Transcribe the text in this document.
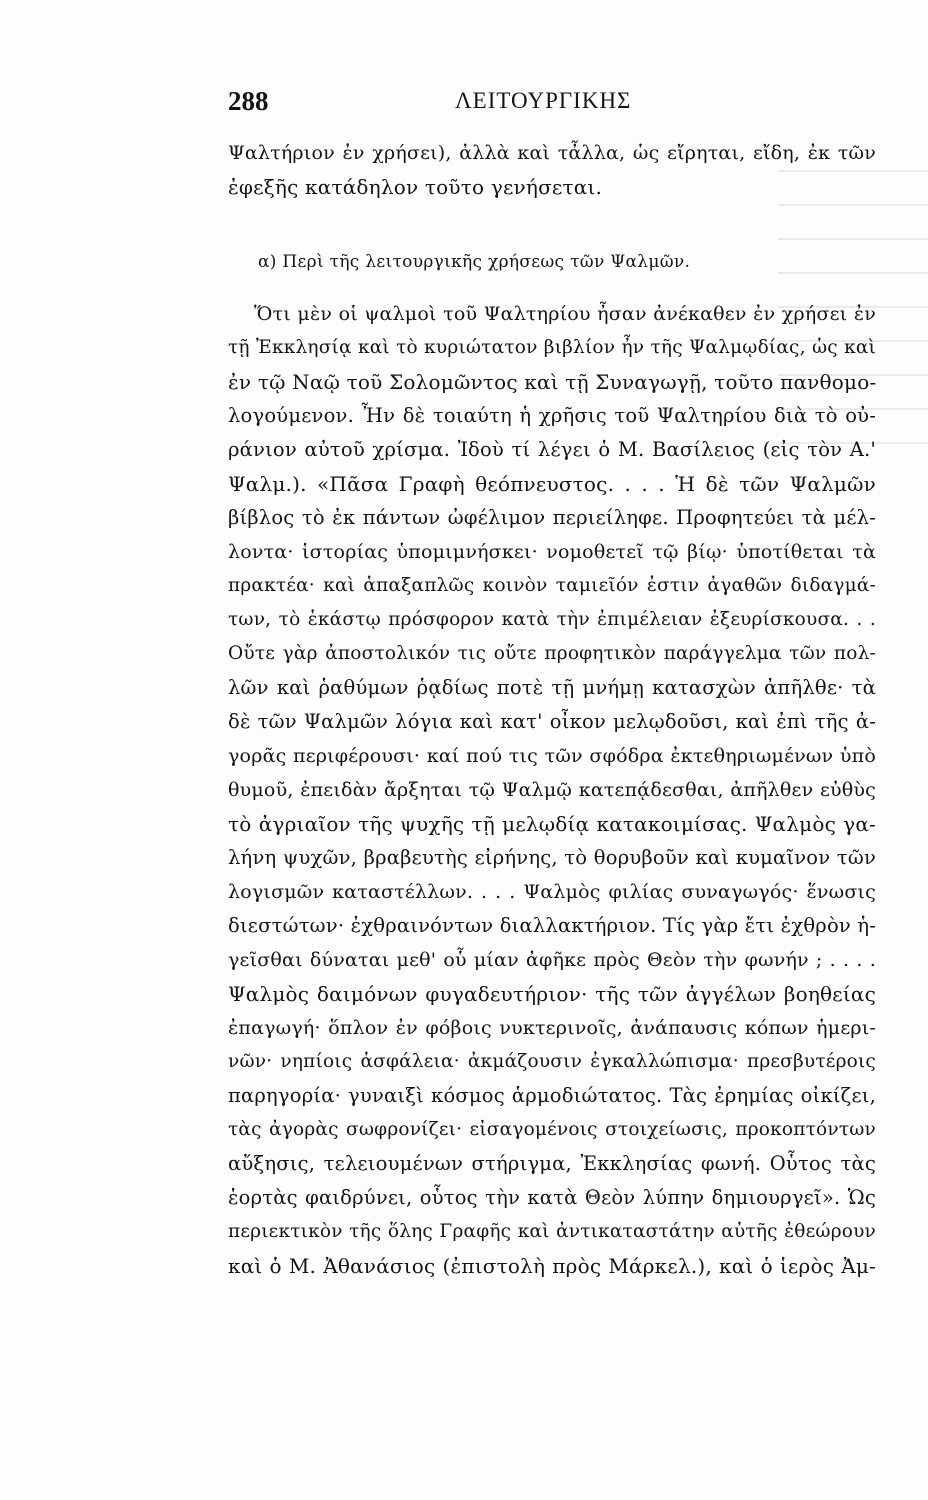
288	ΛΕΙΤΟΥΡΓΙΚΗΣ
Ψαλτήριον ἐν χρήσει), ἀλλὰ καὶ τἆλλα, ὡς εἴρηται, εἴδη, ἐκ τῶν
ἐφεξῆς κατάδηλον τοῦτο γενήσεται.
α) Περὶ τῆς λειτουργικῆς χρήσεως τῶν Ψαλμῶν.
Ὅτι μὲν οἱ ψαλμοὶ τοῦ Ψαλτηρίου ἦσαν ἀνέκαθεν ἐν χρήσει ἐν
τῇ Ἐκκλησίᾳ καὶ τὸ κυριώτατον βιβλίον ἦν τῆς Ψαλμῳδίας, ὡς καὶ
ἐν τῷ Ναῷ τοῦ Σολομῶντος καὶ τῇ Συναγωγῇ, τοῦτο πανθομο-
λογούμενον. Ἦν δὲ τοιαύτη ἡ χρῆσις τοῦ Ψαλτηρίου διὰ τὸ οὐ-
ράνιον αὐτοῦ χρίσμα. Ἰδοὺ τί λέγει ὁ Μ. Βασίλειος (εἰς τὸν Α.'
Ψαλμ.). «Πᾶσα Γραφὴ θεόπνευστος. . . . Ἡ δὲ τῶν Ψαλμῶν
βίβλος τὸ ἐκ πάντων ὠφέλιμον περιείληφε. Προφητεύει τὰ μέλ-
λοντα· ἱστορίας ὑπομιμνήσκει· νομοθετεῖ τῷ βίῳ· ὑποτίθεται τὰ
πρακτέα· καὶ ἁπαξαπλῶς κοινὸν ταμιεῖόν ἐστιν ἀγαθῶν διδαγμά-
των, τὸ ἑκάστῳ πρόσφορον κατὰ τὴν ἐπιμέλειαν ἐξευρίσκουσα. . .
Οὔτε γὰρ ἀποστολικόν τις οὔτε προφητικὸν παράγγελμα τῶν πολ-
λῶν καὶ ῥαθύμων ῥᾳδίως ποτὲ τῇ μνήμῃ κατασχὼν ἀπῆλθε· τὰ
δὲ τῶν Ψαλμῶν λόγια καὶ κατ' οἶκον μελῳδοῦσι, καὶ ἐπὶ τῆς ἀ-
γορᾶς περιφέρουσι· καί πού τις τῶν σφόδρα ἐκτεθηριωμένων ὑπὸ
θυμοῦ, ἐπειδὰν ἄρξηται τῷ Ψαλμῷ κατεπᾴδεσθαι, ἀπῆλθεν εὐθὺς
τὸ ἀγριαῖον τῆς ψυχῆς τῇ μελῳδίᾳ κατακοιμίσας. Ψαλμὸς γα-
λήνη ψυχῶν, βραβευτὴς εἰρήνης, τὸ θορυβοῦν καὶ κυμαῖνον τῶν
λογισμῶν καταστέλλων. . . . Ψαλμὸς φιλίας συναγωγός· ἕνωσις
διεστώτων· ἐχθραινόντων διαλλακτήριον. Τίς γὰρ ἔτι ἐχθρὸν ἡ-
γεῖσθαι δύναται μεθ' οὗ μίαν ἀφῆκε πρὸς Θεὸν τὴν φωνήν ; . . . .
Ψαλμὸς δαιμόνων φυγαδευτήριον· τῆς τῶν ἀγγέλων βοηθείας
ἐπαγωγή· ὅπλον ἐν φόβοις νυκτερινοῖς, ἀνάπαυσις κόπων ἡμερι-
νῶν· νηπίοις ἀσφάλεια· ἀκμάζουσιν ἐγκαλλώπισμα· πρεσβυτέροις
παρηγορία· γυναιξὶ κόσμος ἁρμοδιώτατος. Τὰς ἐρημίας οἰκίζει,
τὰς ἀγορὰς σωφρονίζει· εἰσαγομένοις στοιχείωσις, προκοπτόντων
αὔξησις, τελειουμένων στήριγμα, Ἐκκλησίας φωνή. Οὗτος τὰς
ἑορτὰς φαιδρύνει, οὗτος τὴν κατὰ Θεὸν λύπην δημιουργεῖ». Ὡς
περιεκτικὸν τῆς ὅλης Γραφῆς καὶ ἀντικαταστάτην αὐτῆς ἐθεώρουν
καὶ ὁ Μ. Ἀθανάσιος (ἐπιστολὴ πρὸς Μάρκελ.), καὶ ὁ ἱερὸς Ἀμ-
